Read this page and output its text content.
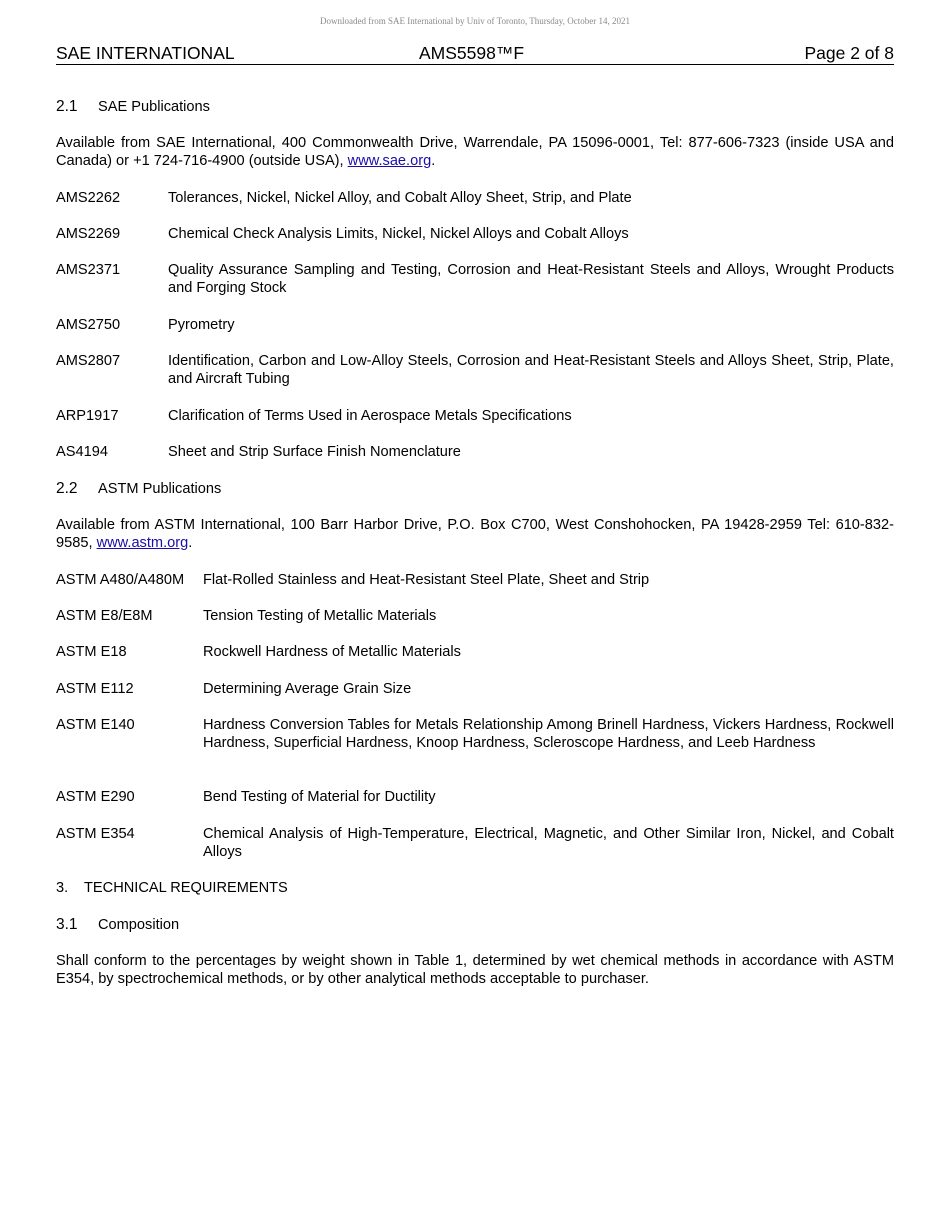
Downloaded from SAE International by Univ of Toronto, Thursday, October 14, 2021
SAE INTERNATIONAL	AMS5598™F	Page 2 of 8
2.1 SAE Publications
Available from SAE International, 400 Commonwealth Drive, Warrendale, PA 15096-0001, Tel: 877-606-7323 (inside USA and Canada) or +1 724-716-4900 (outside USA), www.sae.org.
AMS2262	Tolerances, Nickel, Nickel Alloy, and Cobalt Alloy Sheet, Strip, and Plate
AMS2269	Chemical Check Analysis Limits, Nickel, Nickel Alloys and Cobalt Alloys
AMS2371	Quality Assurance Sampling and Testing, Corrosion and Heat-Resistant Steels and Alloys, Wrought Products and Forging Stock
AMS2750	Pyrometry
AMS2807	Identification, Carbon and Low-Alloy Steels, Corrosion and Heat-Resistant Steels and Alloys Sheet, Strip, Plate, and Aircraft Tubing
ARP1917	Clarification of Terms Used in Aerospace Metals Specifications
AS4194	Sheet and Strip Surface Finish Nomenclature
2.2 ASTM Publications
Available from ASTM International, 100 Barr Harbor Drive, P.O. Box C700, West Conshohocken, PA 19428-2959 Tel: 610-832-9585, www.astm.org.
ASTM A480/A480M Flat-Rolled Stainless and Heat-Resistant Steel Plate, Sheet and Strip
ASTM E8/E8M	Tension Testing of Metallic Materials
ASTM E18	Rockwell Hardness of Metallic Materials
ASTM E112	Determining Average Grain Size
ASTM E140	Hardness Conversion Tables for Metals Relationship Among Brinell Hardness, Vickers Hardness, Rockwell Hardness, Superficial Hardness, Knoop Hardness, Scleroscope Hardness, and Leeb Hardness
ASTM E290	Bend Testing of Material for Ductility
ASTM E354	Chemical Analysis of High-Temperature, Electrical, Magnetic, and Other Similar Iron, Nickel, and Cobalt Alloys
3. TECHNICAL REQUIREMENTS
3.1 Composition
Shall conform to the percentages by weight shown in Table 1, determined by wet chemical methods in accordance with ASTM E354, by spectrochemical methods, or by other analytical methods acceptable to purchaser.
